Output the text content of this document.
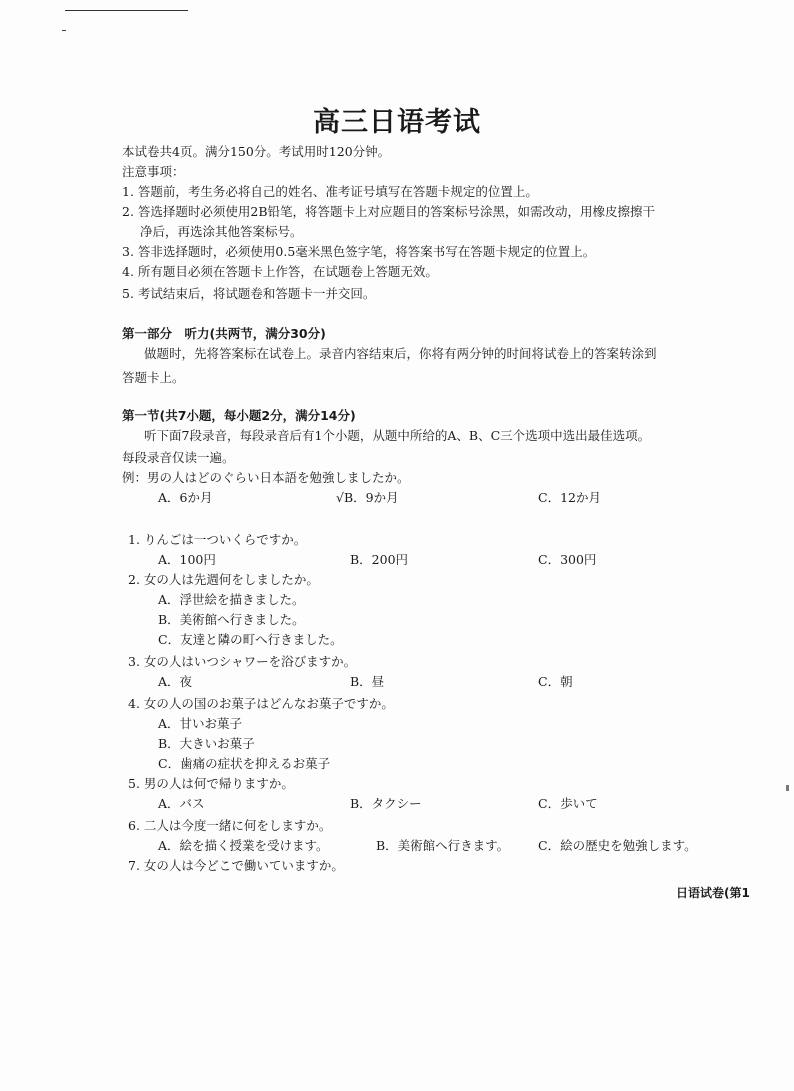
高三日语考试
本试卷共4页。满分150分。考试用时120分钟。
注意事项：
1. 答题前，考生务必将自己的姓名、准考证号填写在答题卡规定的位置上。
2. 答选择题时必须使用2B铅笔，将答题卡上对应题目的答案标号涂黑，如需改动，用橡皮擦擦干
净后，再选涂其他答案标号。
3. 答非选择题时，必须使用0.5毫米黑色签字笔，将答案书写在答题卡规定的位置上。
4. 所有题目必须在答题卡上作答，在试题卷上答题无效。
5. 考试结束后，将试题卷和答题卡一并交回。
第一部分　听力(共两节，满分30分)
做题时，先将答案标在试卷上。录音内容结束后，你将有两分钟的时间将试卷上的答案转涂到
答题卡上。
第一节(共7小题，每小题2分，满分14分)
听下面7段录音，每段录音后有1个小题，从题中所给的A、B、C三个选项中选出最佳选项。
每段录音仅读一遍。
例：男の人はどのぐらい日本語を勉強しましたか。
A．6か月	√B．9か月	C．12か月
1. りんごは一ついくらですか。
A．100円	B．200円	C．300円
2. 女の人は先週何をしましたか。
A．浮世絵を描きました。
B．美術館へ行きました。
C．友達と隣の町へ行きました。
3. 女の人はいつシャワーを浴びますか。
A．夜	B．昼	C．朝
4. 女の人の国のお菓子はどんなお菓子ですか。
A．甘いお菓子
B．大きいお菓子
C．歯痛の症状を抑えるお菓子
5. 男の人は何で帰りますか。
A．バス	B．タクシー	C．歩いて
6. 二人は今度一緒に何をしますか。
A．絵を描く授業を受けます。	B．美術館へ行きます。 C．絵の歴史を勉強します。
7. 女の人は今どこで働いていますか。
日语试卷(第1
